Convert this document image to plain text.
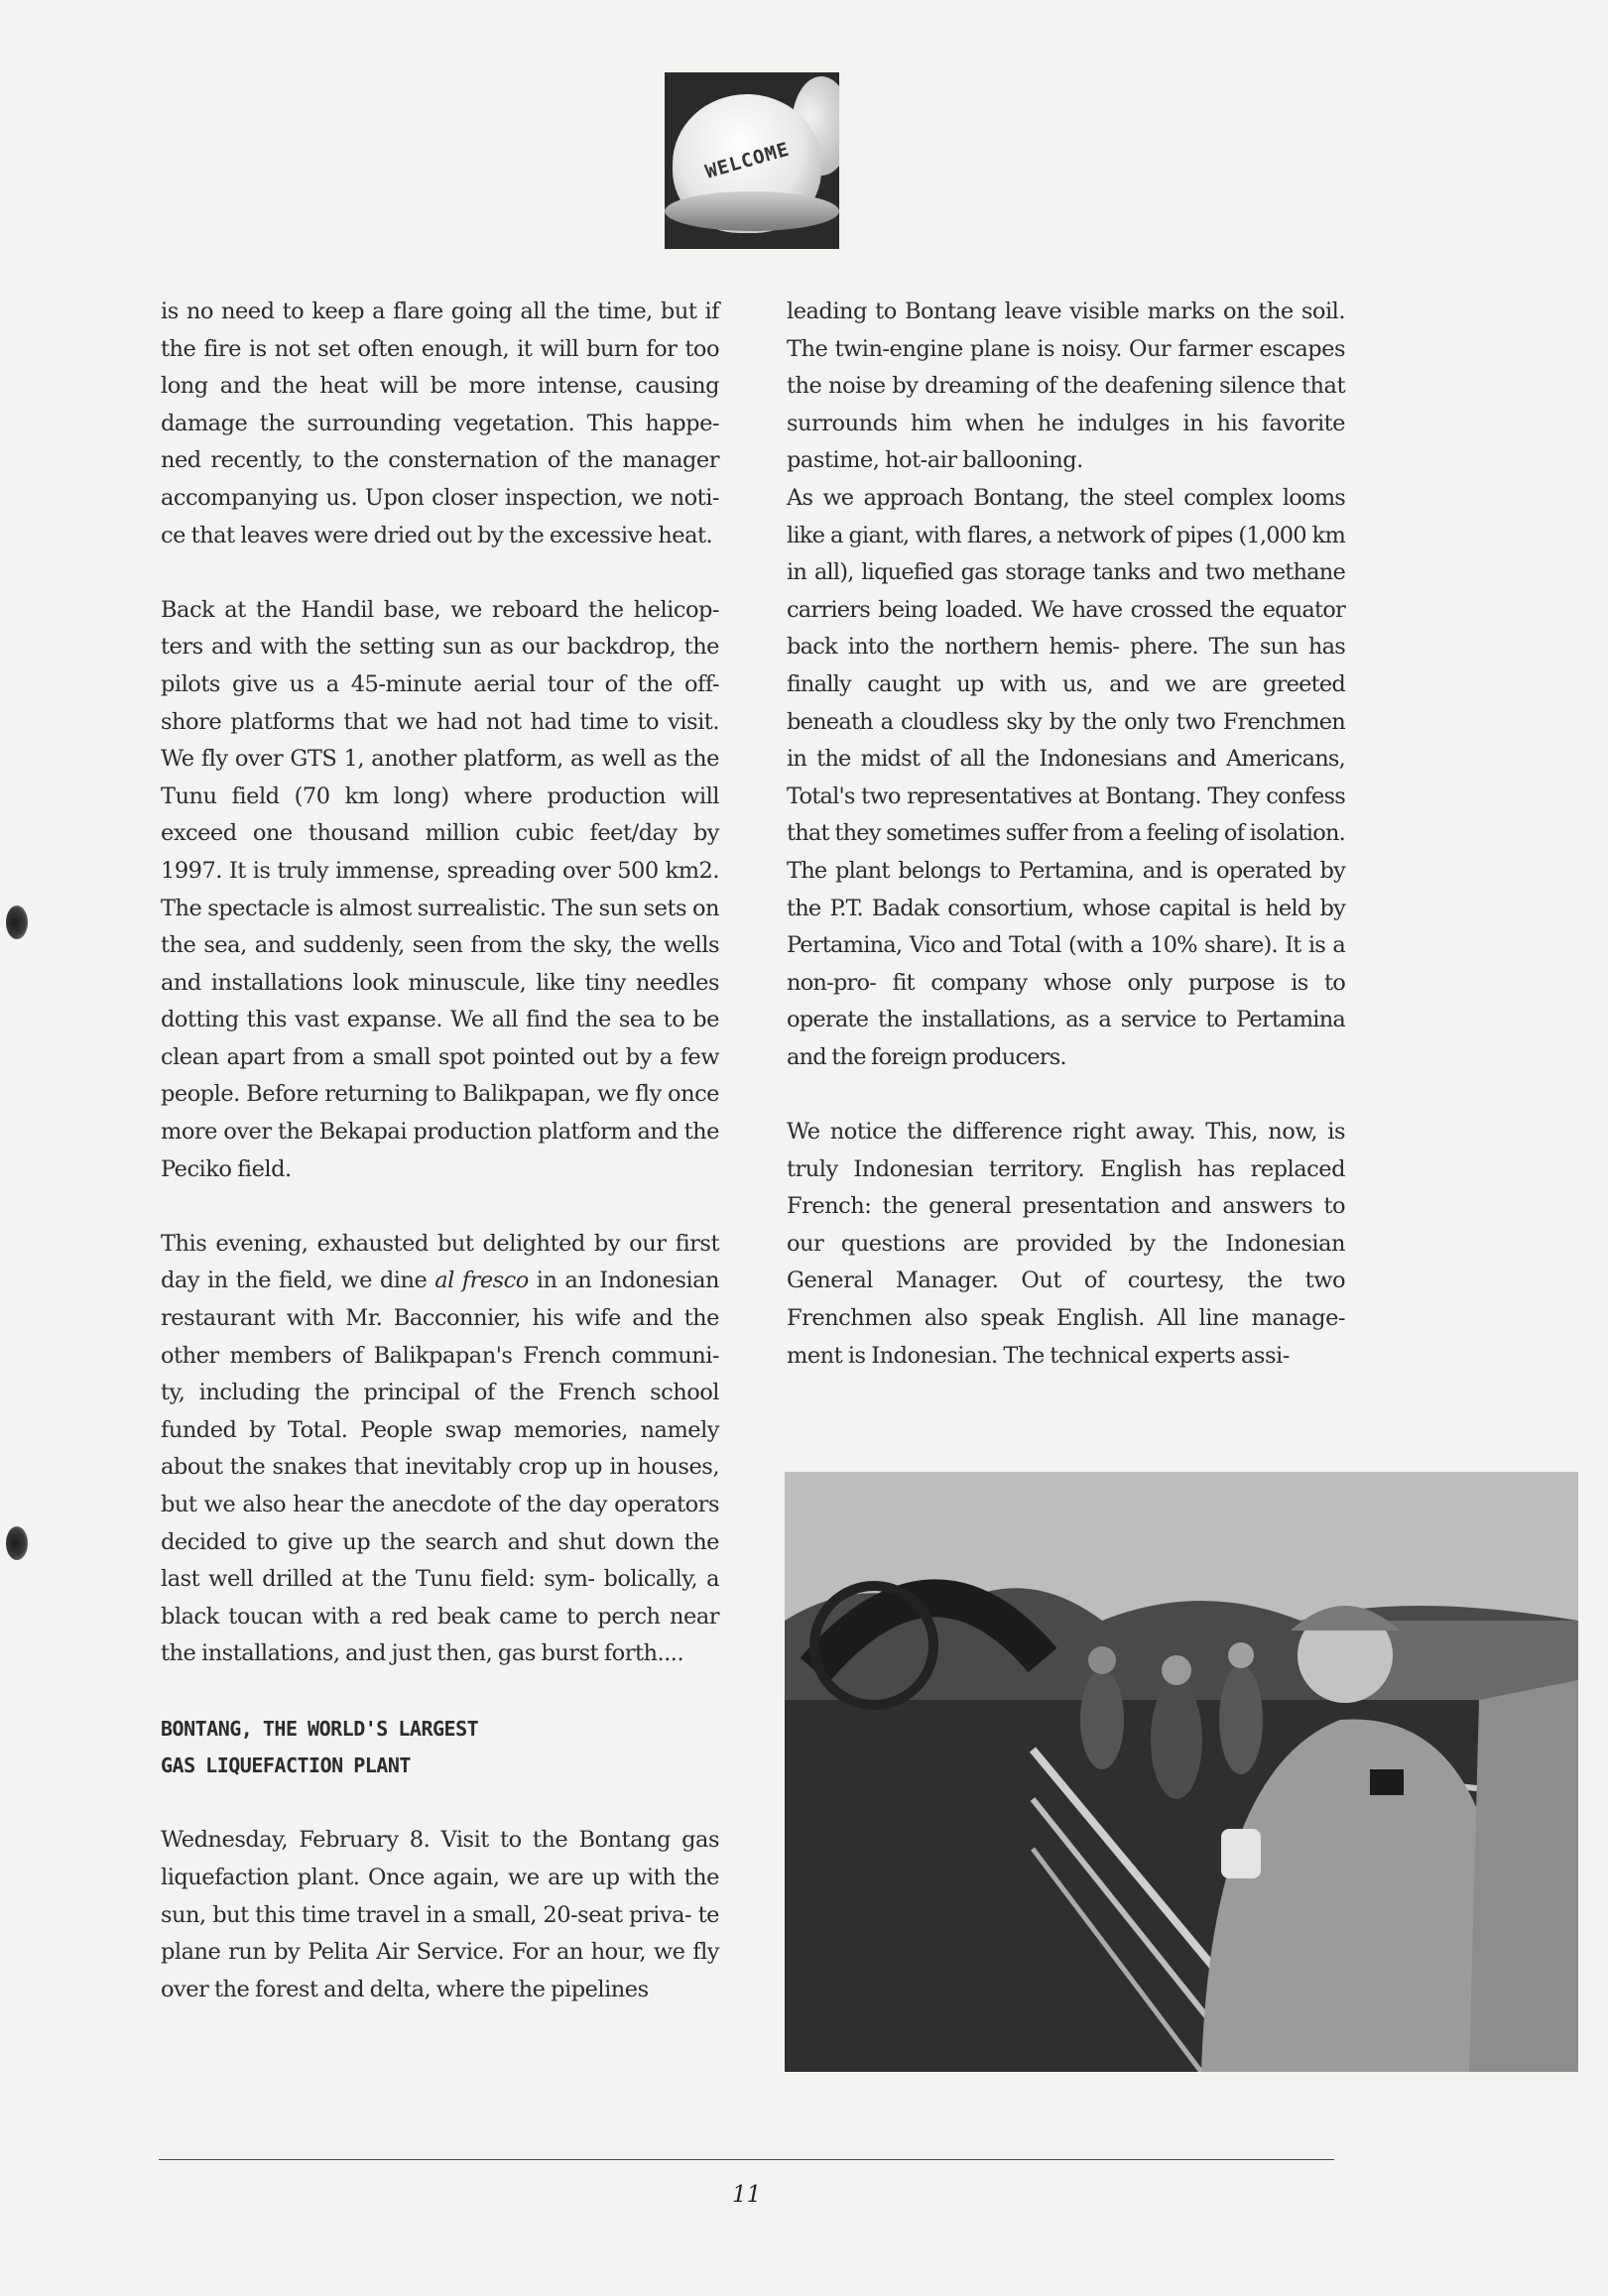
WELCOME

is no need to keep a flare going all the time, but if the fire is not set often enough, it will burn for too long and the heat will be more intense, causing damage the surrounding vegetation. This happe- ned recently, to the consternation of the manager accompanying us. Upon closer inspection, we noti- ce that leaves were dried out by the excessive heat.

Back at the Handil base, we reboard the helicop- ters and with the setting sun as our backdrop, the pilots give us a 45-minute aerial tour of the off- shore platforms that we had not had time to visit. We fly over GTS 1, another platform, as well as the Tunu field (70 km long) where production will exceed one thousand million cubic feet/day by 1997. It is truly immense, spreading over 500 km2. The spectacle is almost surrealistic. The sun sets on the sea, and suddenly, seen from the sky, the wells and installations look minuscule, like tiny needles dotting this vast expanse. We all find the sea to be clean apart from a small spot pointed out by a few people. Before returning to Balikpapan, we fly once more over the Bekapai production platform and the Peciko field.

This evening, exhausted but delighted by our first day in the field, we dine al fresco in an Indonesian restaurant with Mr. Bacconnier, his wife and the other members of Balikpapan's French communi- ty, including the principal of the French school funded by Total. People swap memories, namely about the snakes that inevitably crop up in houses, but we also hear the anecdote of the day operators decided to give up the search and shut down the last well drilled at the Tunu field: sym- bolically, a black toucan with a red beak came to perch near the installations, and just then, gas burst forth....

BONTANG, THE WORLD'S LARGEST
GAS LIQUEFACTION PLANT

Wednesday, February 8. Visit to the Bontang gas liquefaction plant. Once again, we are up with the sun, but this time travel in a small, 20-seat priva- te plane run by Pelita Air Service. For an hour, we fly over the forest and delta, where the pipelines

leading to Bontang leave visible marks on the soil. The twin-engine plane is noisy. Our farmer escapes the noise by dreaming of the deafening silence that surrounds him when he indulges in his favorite pastime, hot-air ballooning.

As we approach Bontang, the steel complex looms like a giant, with flares, a network of pipes (1,000 km in all), liquefied gas storage tanks and two methane carriers being loaded. We have crossed the equator back into the northern hemis- phere. The sun has finally caught up with us, and we are greeted beneath a cloudless sky by the only two Frenchmen in the midst of all the Indonesians and Americans, Total's two representatives at Bontang. They confess that they sometimes suffer from a feeling of isolation. The plant belongs to Pertamina, and is operated by the P.T. Badak consortium, whose capital is held by Pertamina, Vico and Total (with a 10% share). It is a non-pro- fit company whose only purpose is to operate the installations, as a service to Pertamina and the foreign producers.

We notice the difference right away. This, now, is truly Indonesian territory. English has replaced French: the general presentation and answers to our questions are provided by the Indonesian General Manager. Out of courtesy, the two Frenchmen also speak English. All line manage- ment is Indonesian. The technical experts assi-

11
